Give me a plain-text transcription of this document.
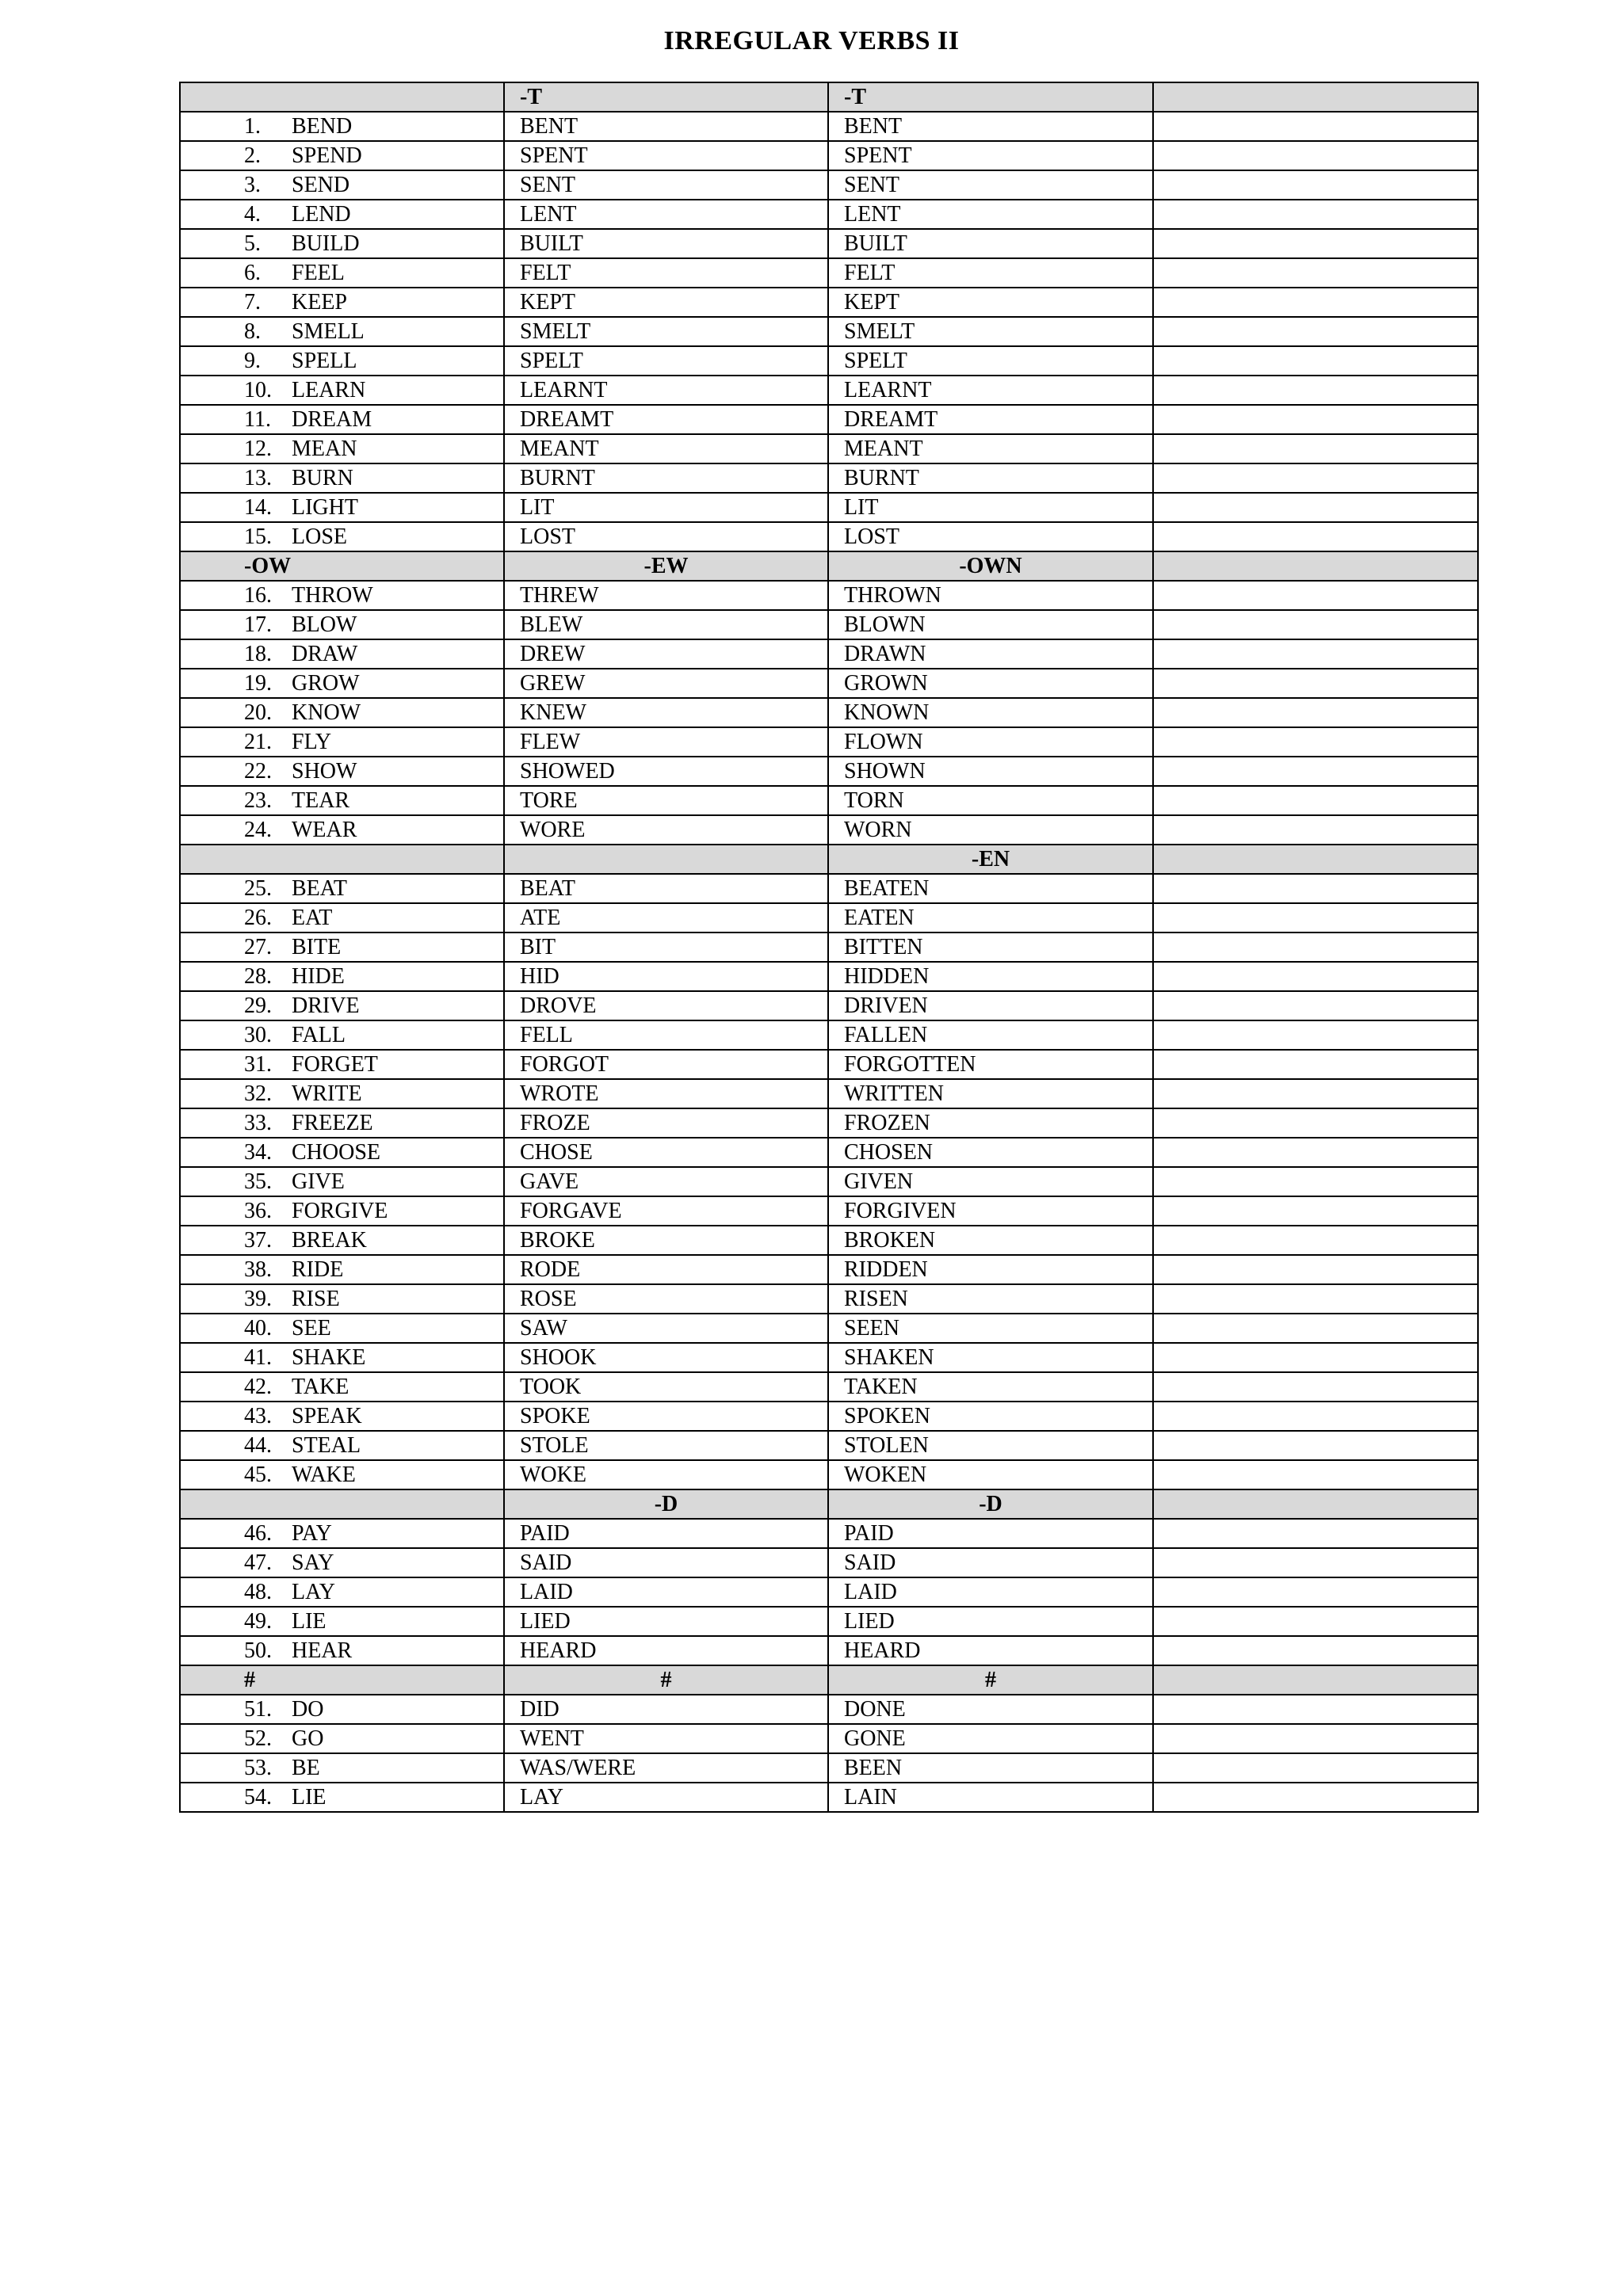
IRREGULAR VERBS II
	-T	-T	

1. BEND	BENT	BENT	

2. SPEND	SPENT	SPENT	

3. SEND	SENT	SENT	

4. LEND	LENT	LENT	

5. BUILD	BUILT	BUILT	

6. FEEL	FELT	FELT	

7. KEEP	KEPT	KEPT	

8. SMELL	SMELT	SMELT	

9. SPELL	SPELT	SPELT	

10. LEARN	LEARNT	LEARNT	

11. DREAM	DREAMT	DREAMT	

12. MEAN	MEANT	MEANT	

13. BURN	BURNT	BURNT	

14. LIGHT	LIT	LIT	

15. LOSE	LOST	LOST	
-OW	-EW	-OWN	

16. THROW	THREW	THROWN	

17. BLOW	BLEW	BLOWN	

18. DRAW	DREW	DRAWN	

19. GROW	GREW	GROWN	

20. KNOW	KNEW	KNOWN	

21. FLY	FLEW	FLOWN	

22. SHOW	SHOWED	SHOWN	

23. TEAR	TORE	TORN	

24. WEAR	WORE	WORN	
		-EN	

25. BEAT	BEAT	BEATEN	

26. EAT	ATE	EATEN	

27. BITE	BIT	BITTEN	

28. HIDE	HID	HIDDEN	

29. DRIVE	DROVE	DRIVEN	

30. FALL	FELL	FALLEN	

31. FORGET	FORGOT	FORGOTTEN	

32. WRITE	WROTE	WRITTEN	

33. FREEZE	FROZE	FROZEN	

34. CHOOSE	CHOSE	CHOSEN	

35. GIVE	GAVE	GIVEN	

36. FORGIVE	FORGAVE	FORGIVEN	

37. BREAK	BROKE	BROKEN	

38. RIDE	RODE	RIDDEN	

39. RISE	ROSE	RISEN	

40. SEE	SAW	SEEN	

41. SHAKE	SHOOK	SHAKEN	

42. TAKE	TOOK	TAKEN	

43. SPEAK	SPOKE	SPOKEN	

44. STEAL	STOLE	STOLEN	

45. WAKE	WOKE	WOKEN	
	-D	-D	

46. PAY	PAID	PAID	

47. SAY	SAID	SAID	

48. LAY	LAID	LAID	

49. LIE	LIED	LIED	

50. HEAR	HEARD	HEARD	
#	#	#	

51. DO	DID	DONE	

52. GO	WENT	GONE	

53. BE	WAS/WERE	BEEN	

54. LIE	LAY	LAIN	
